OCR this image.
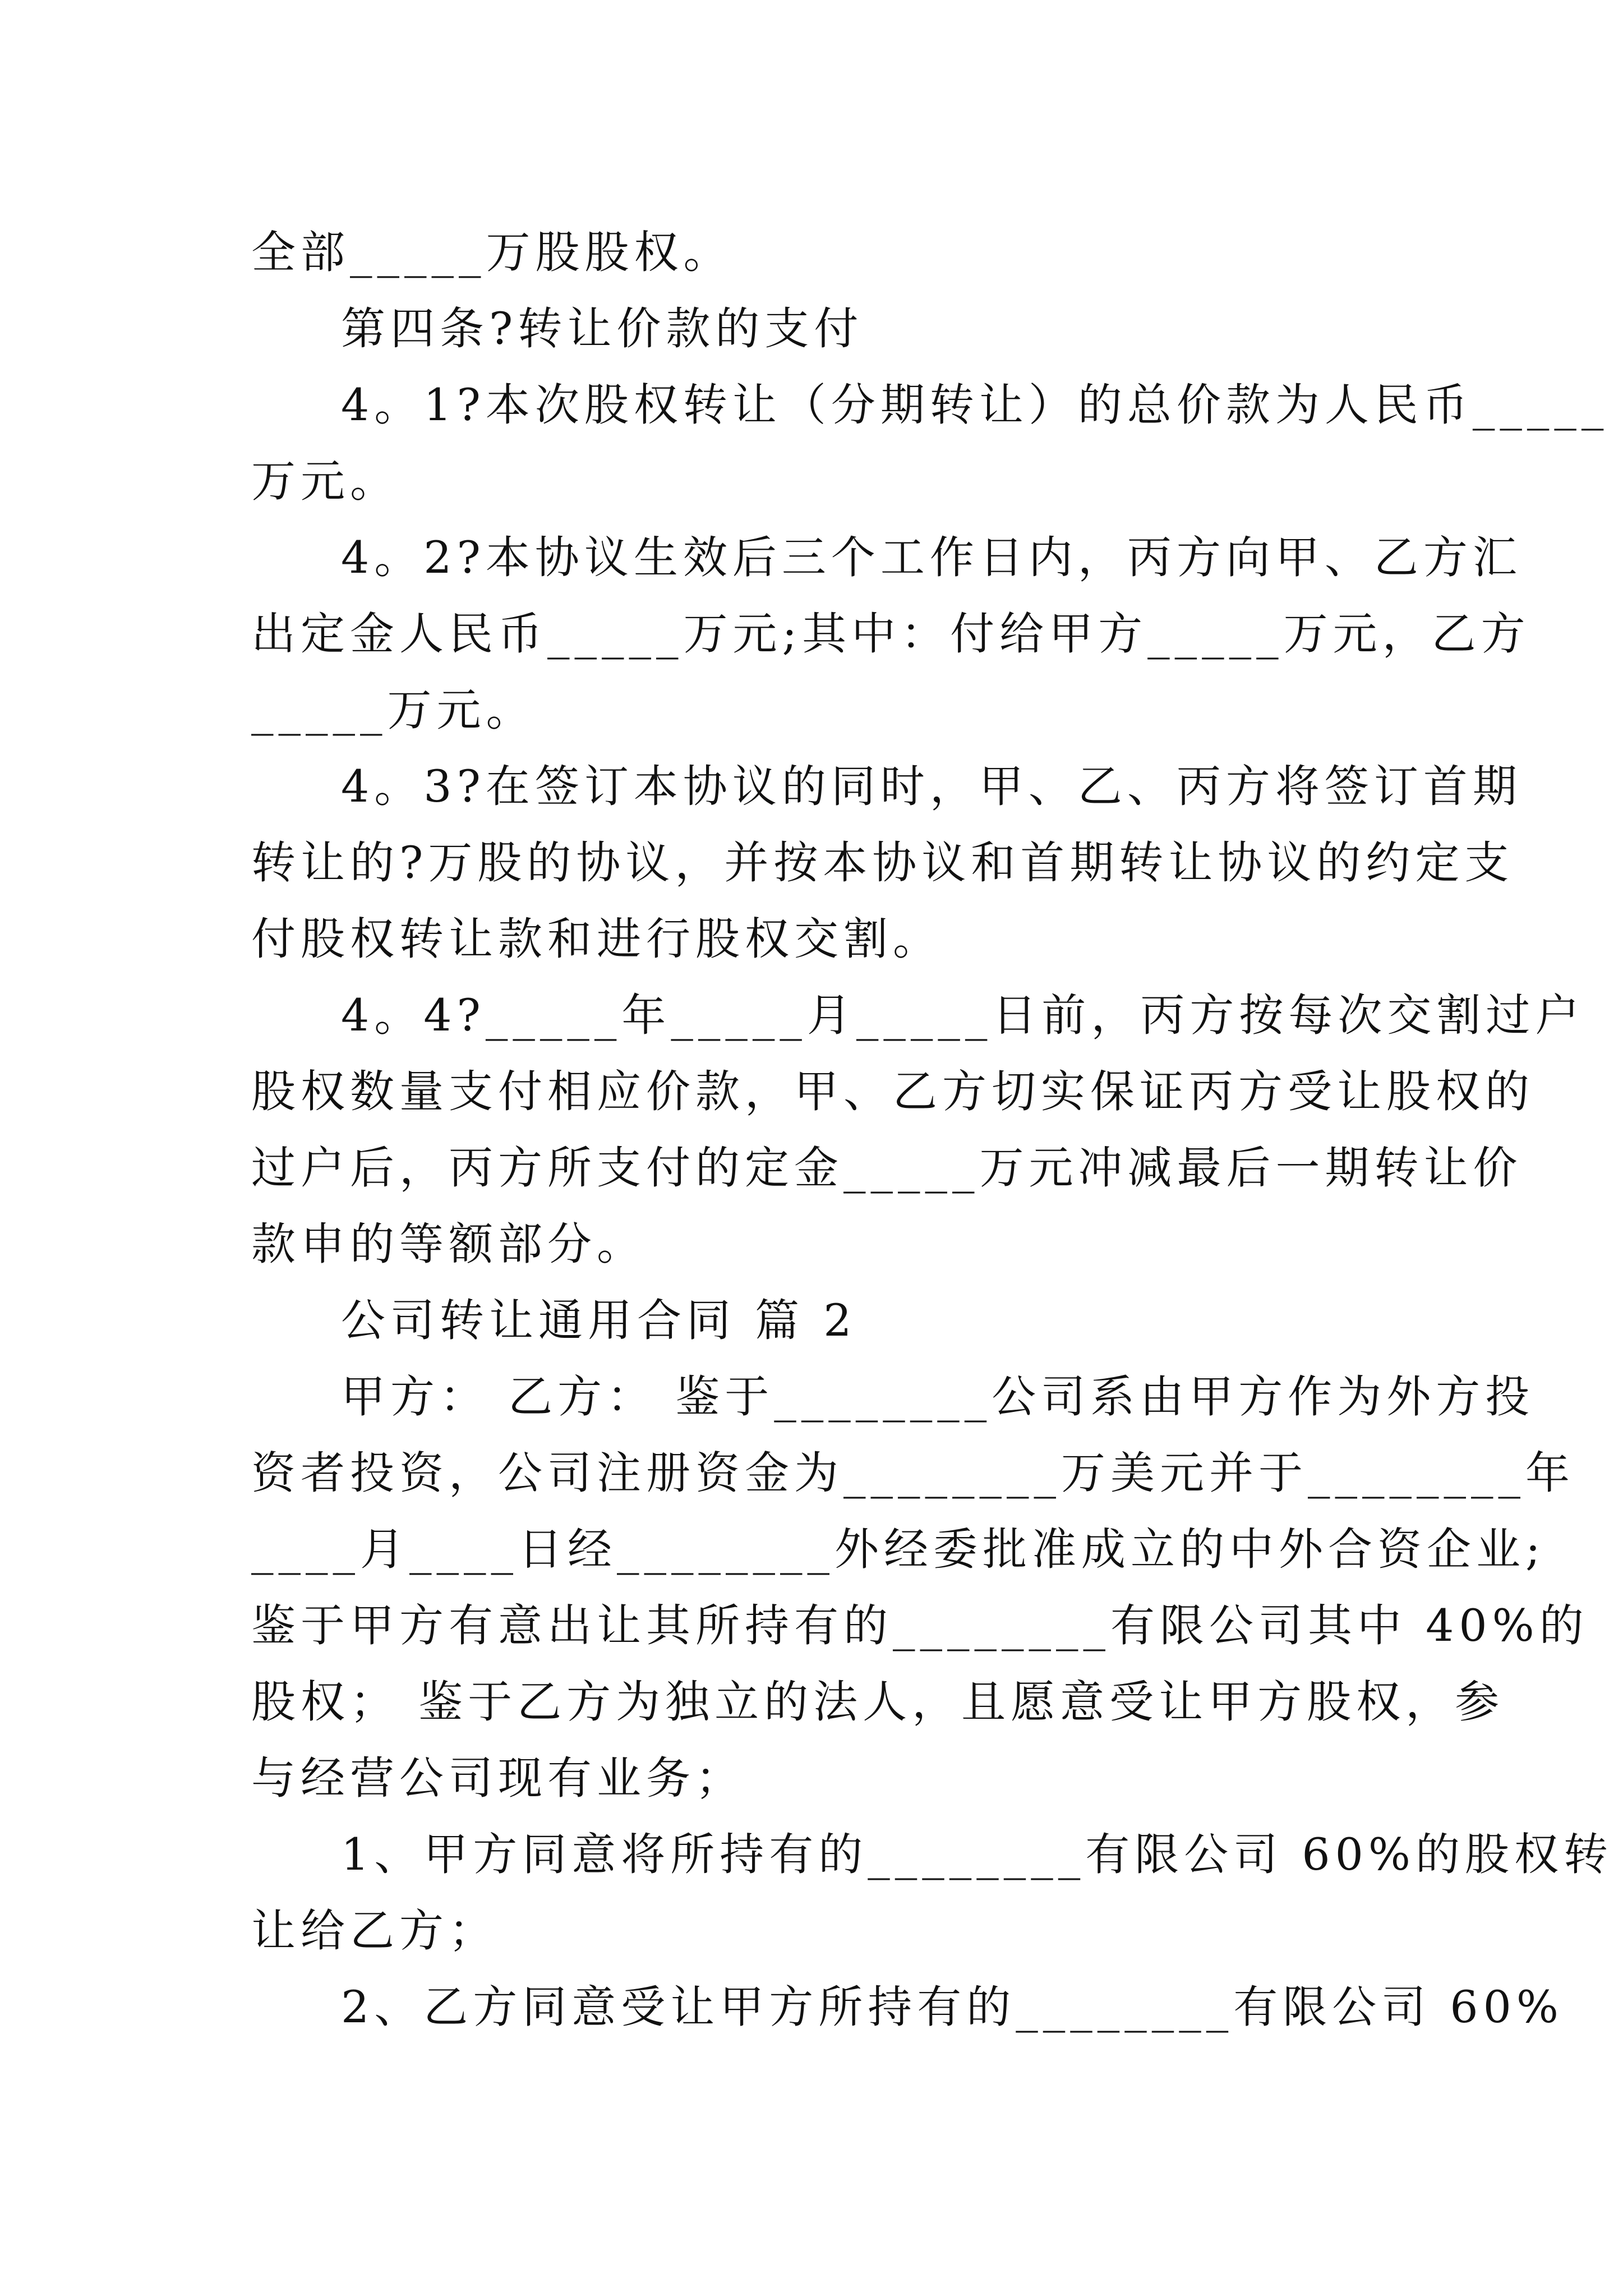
全部_____万股股权。

第四条?转让价款的支付

4。1?本次股权转让（分期转让）的总价款为人民币_____
万元。

4。2?本协议生效后三个工作日内，丙方向甲、乙方汇
出定金人民币_____万元;其中：付给甲方_____万元，乙方
_____万元。

4。3?在签订本协议的同时，甲、乙、丙方将签订首期
转让的?万股的协议，并按本协议和首期转让协议的约定支
付股权转让款和进行股权交割。

4。4?_____年_____月_____日前，丙方按每次交割过户
股权数量支付相应价款，甲、乙方切实保证丙方受让股权的
过户后，丙方所支付的定金_____万元冲减最后一期转让价
款申的等额部分。

公司转让通用合同 篇 2

甲方： 乙方： 鉴于________公司系由甲方作为外方投
资者投资，公司注册资金为________万美元并于________年
____月____日经________外经委批准成立的中外合资企业;
鉴于甲方有意出让其所持有的________有限公司其中 40%的
股权； 鉴于乙方为独立的法人，且愿意受让甲方股权，参
与经营公司现有业务；

1、甲方同意将所持有的________有限公司 60%的股权转
让给乙方；

2、乙方同意受让甲方所持有的________有限公司 60%
